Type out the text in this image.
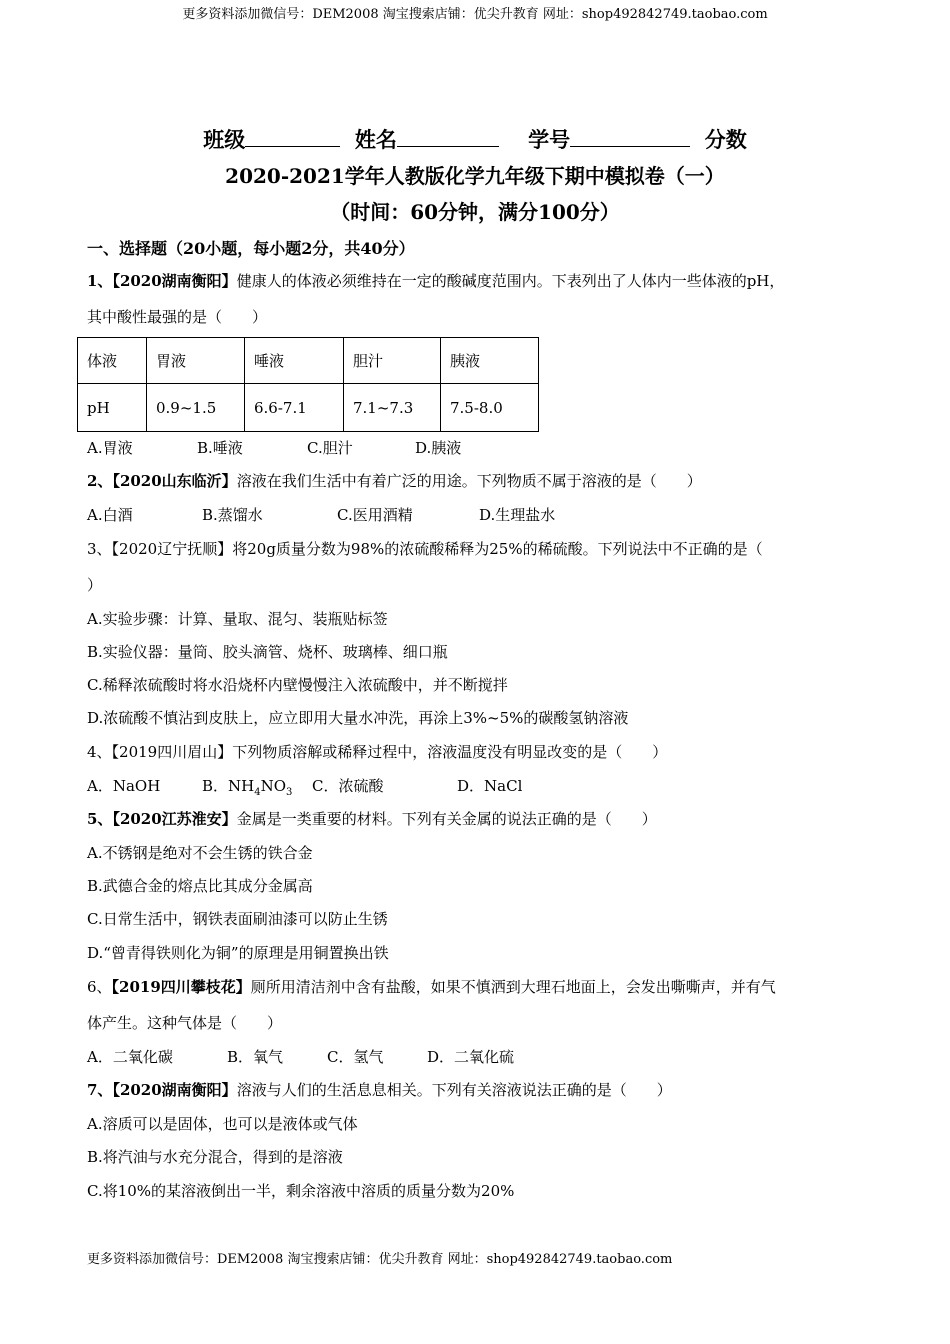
更多资料添加微信号：DEM2008 淘宝搜索店铺：优尖升教育 网址：shop492842749.taobao.com
班级	姓名	学号	分数
2020-2021学年人教版化学九年级下期中模拟卷（一）
（时间：60分钟，满分100分）
一、选择题（20小题，每小题2分，共40分）
1、【2020湖南衡阳】健康人的体液必须维持在一定的酸碱度范围内。下表列出了人体内一些体液的pH，
其中酸性最强的是（　　）
体液	胃液	唾液	胆汁	胰液
pH	0.9~1.5	6.6-7.1	7.1~7.3	7.5-8.0
A.胃液	B.唾液	C.胆汁	D.胰液
2、【2020山东临沂】溶液在我们生活中有着广泛的用途。下列物质不属于溶液的是（　　）
A.白酒	B.蒸馏水	C.医用酒精	D.生理盐水
3、【2020辽宁抚顺】将20g质量分数为98%的浓硫酸稀释为25%的稀硫酸。下列说法中不正确的是（
）
A.实验步骤：计算、量取、混匀、装瓶贴标签
B.实验仪器：量筒、胶头滴管、烧杯、玻璃棒、细口瓶
C.稀释浓硫酸时将水沿烧杯内壁慢慢注入浓硫酸中，并不断搅拌
D.浓硫酸不慎沾到皮肤上，应立即用大量水冲洗，再涂上3%~5%的碳酸氢钠溶液
4、【2019四川眉山】下列物质溶解或稀释过程中，溶液温度没有明显改变的是（　　）
A．NaOH	B．$NH_4NO_3$ C．浓硫酸	D．NaCl
5、【2020江苏淮安】金属是一类重要的材料。下列有关金属的说法正确的是（　　）
A.不锈钢是绝对不会生锈的铁合金
B.武德合金的熔点比其成分金属高
C.日常生活中，钢铁表面刷油漆可以防止生锈
D.“曾青得铁则化为铜”的原理是用铜置换出铁
6、【2019四川攀枝花】厕所用清洁剂中含有盐酸，如果不慎洒到大理石地面上，会发出嘶嘶声，并有气
体产生。这种气体是（　　）
A．二氧化碳	B．氧气	C．氢气	D．二氧化硫
7、【2020湖南衡阳】溶液与人们的生活息息相关。下列有关溶液说法正确的是（　　）
A.溶质可以是固体，也可以是液体或气体
B.将汽油与水充分混合，得到的是溶液
C.将10%的某溶液倒出一半，剩余溶液中溶质的质量分数为20%
更多资料添加微信号：DEM2008 淘宝搜索店铺：优尖升教育 网址：shop492842749.taobao.com
